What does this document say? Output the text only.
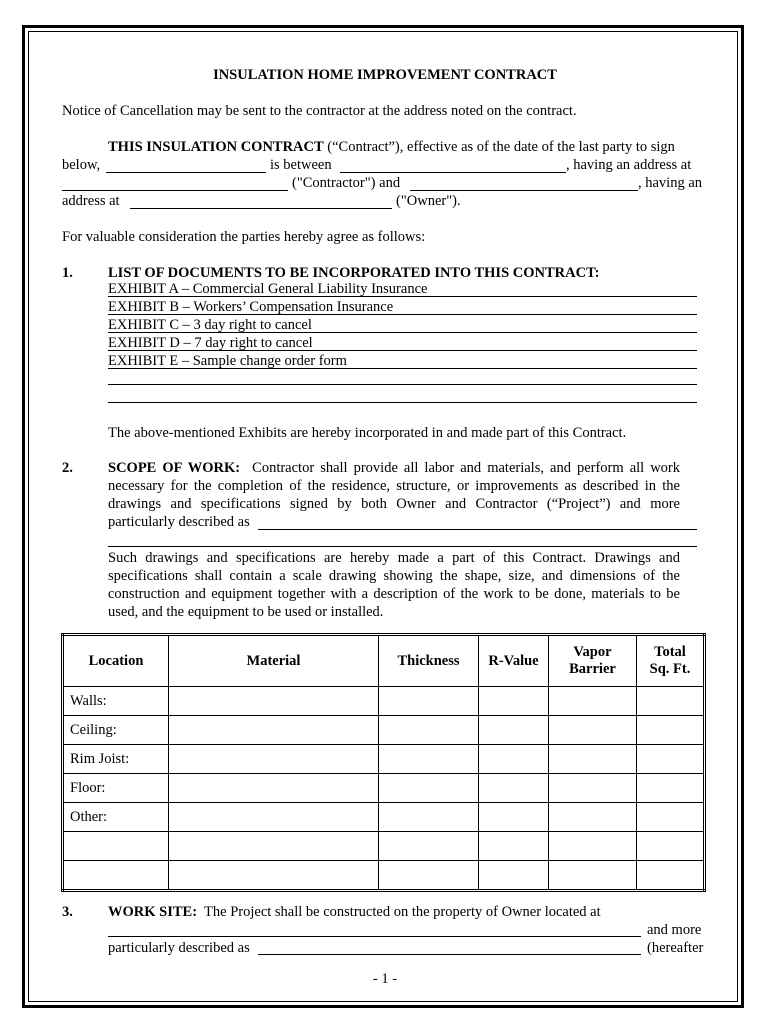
INSULATION HOME IMPROVEMENT CONTRACT
Notice of Cancellation may be sent to the contractor at the address noted on the contract.
THIS INSULATION CONTRACT (“Contract”), effective as of the date of the last party to sign
below,	is between	, having an address at
("Contractor") and	, having an
address at	("Owner").
For valuable consideration the parties hereby agree as follows:
1. LIST OF DOCUMENTS TO BE INCORPORATED INTO THIS CONTRACT:
EXHIBIT A – Commercial General Liability Insurance
EXHIBIT B – Workers’ Compensation Insurance
EXHIBIT C – 3 day right to cancel
EXHIBIT D – 7 day right to cancel
EXHIBIT E – Sample change order form
The above-mentioned Exhibits are hereby incorporated in and made part of this Contract.
2. SCOPE OF WORK: Contractor shall provide all labor and materials, and perform all work necessary for the completion of the residence, structure, or improvements as described in the drawings and specifications signed by both Owner and Contractor (“Project”) and more
particularly described as
Such drawings and specifications are hereby made a part of this Contract. Drawings and specifications shall contain a scale drawing showing the shape, size, and dimensions of the construction and equipment together with a description of the work to be done, materials to be used, and the equipment to be used or installed.
Location	Material	Thickness	R-Value	Vapor Barrier	Total Sq. Ft.
Walls:					
Ceiling:					
Rim Joist:					
Floor:					
Other:					

3. WORK SITE: The Project shall be constructed on the property of Owner located at
and more
particularly described as	(hereafter
- 1 -
